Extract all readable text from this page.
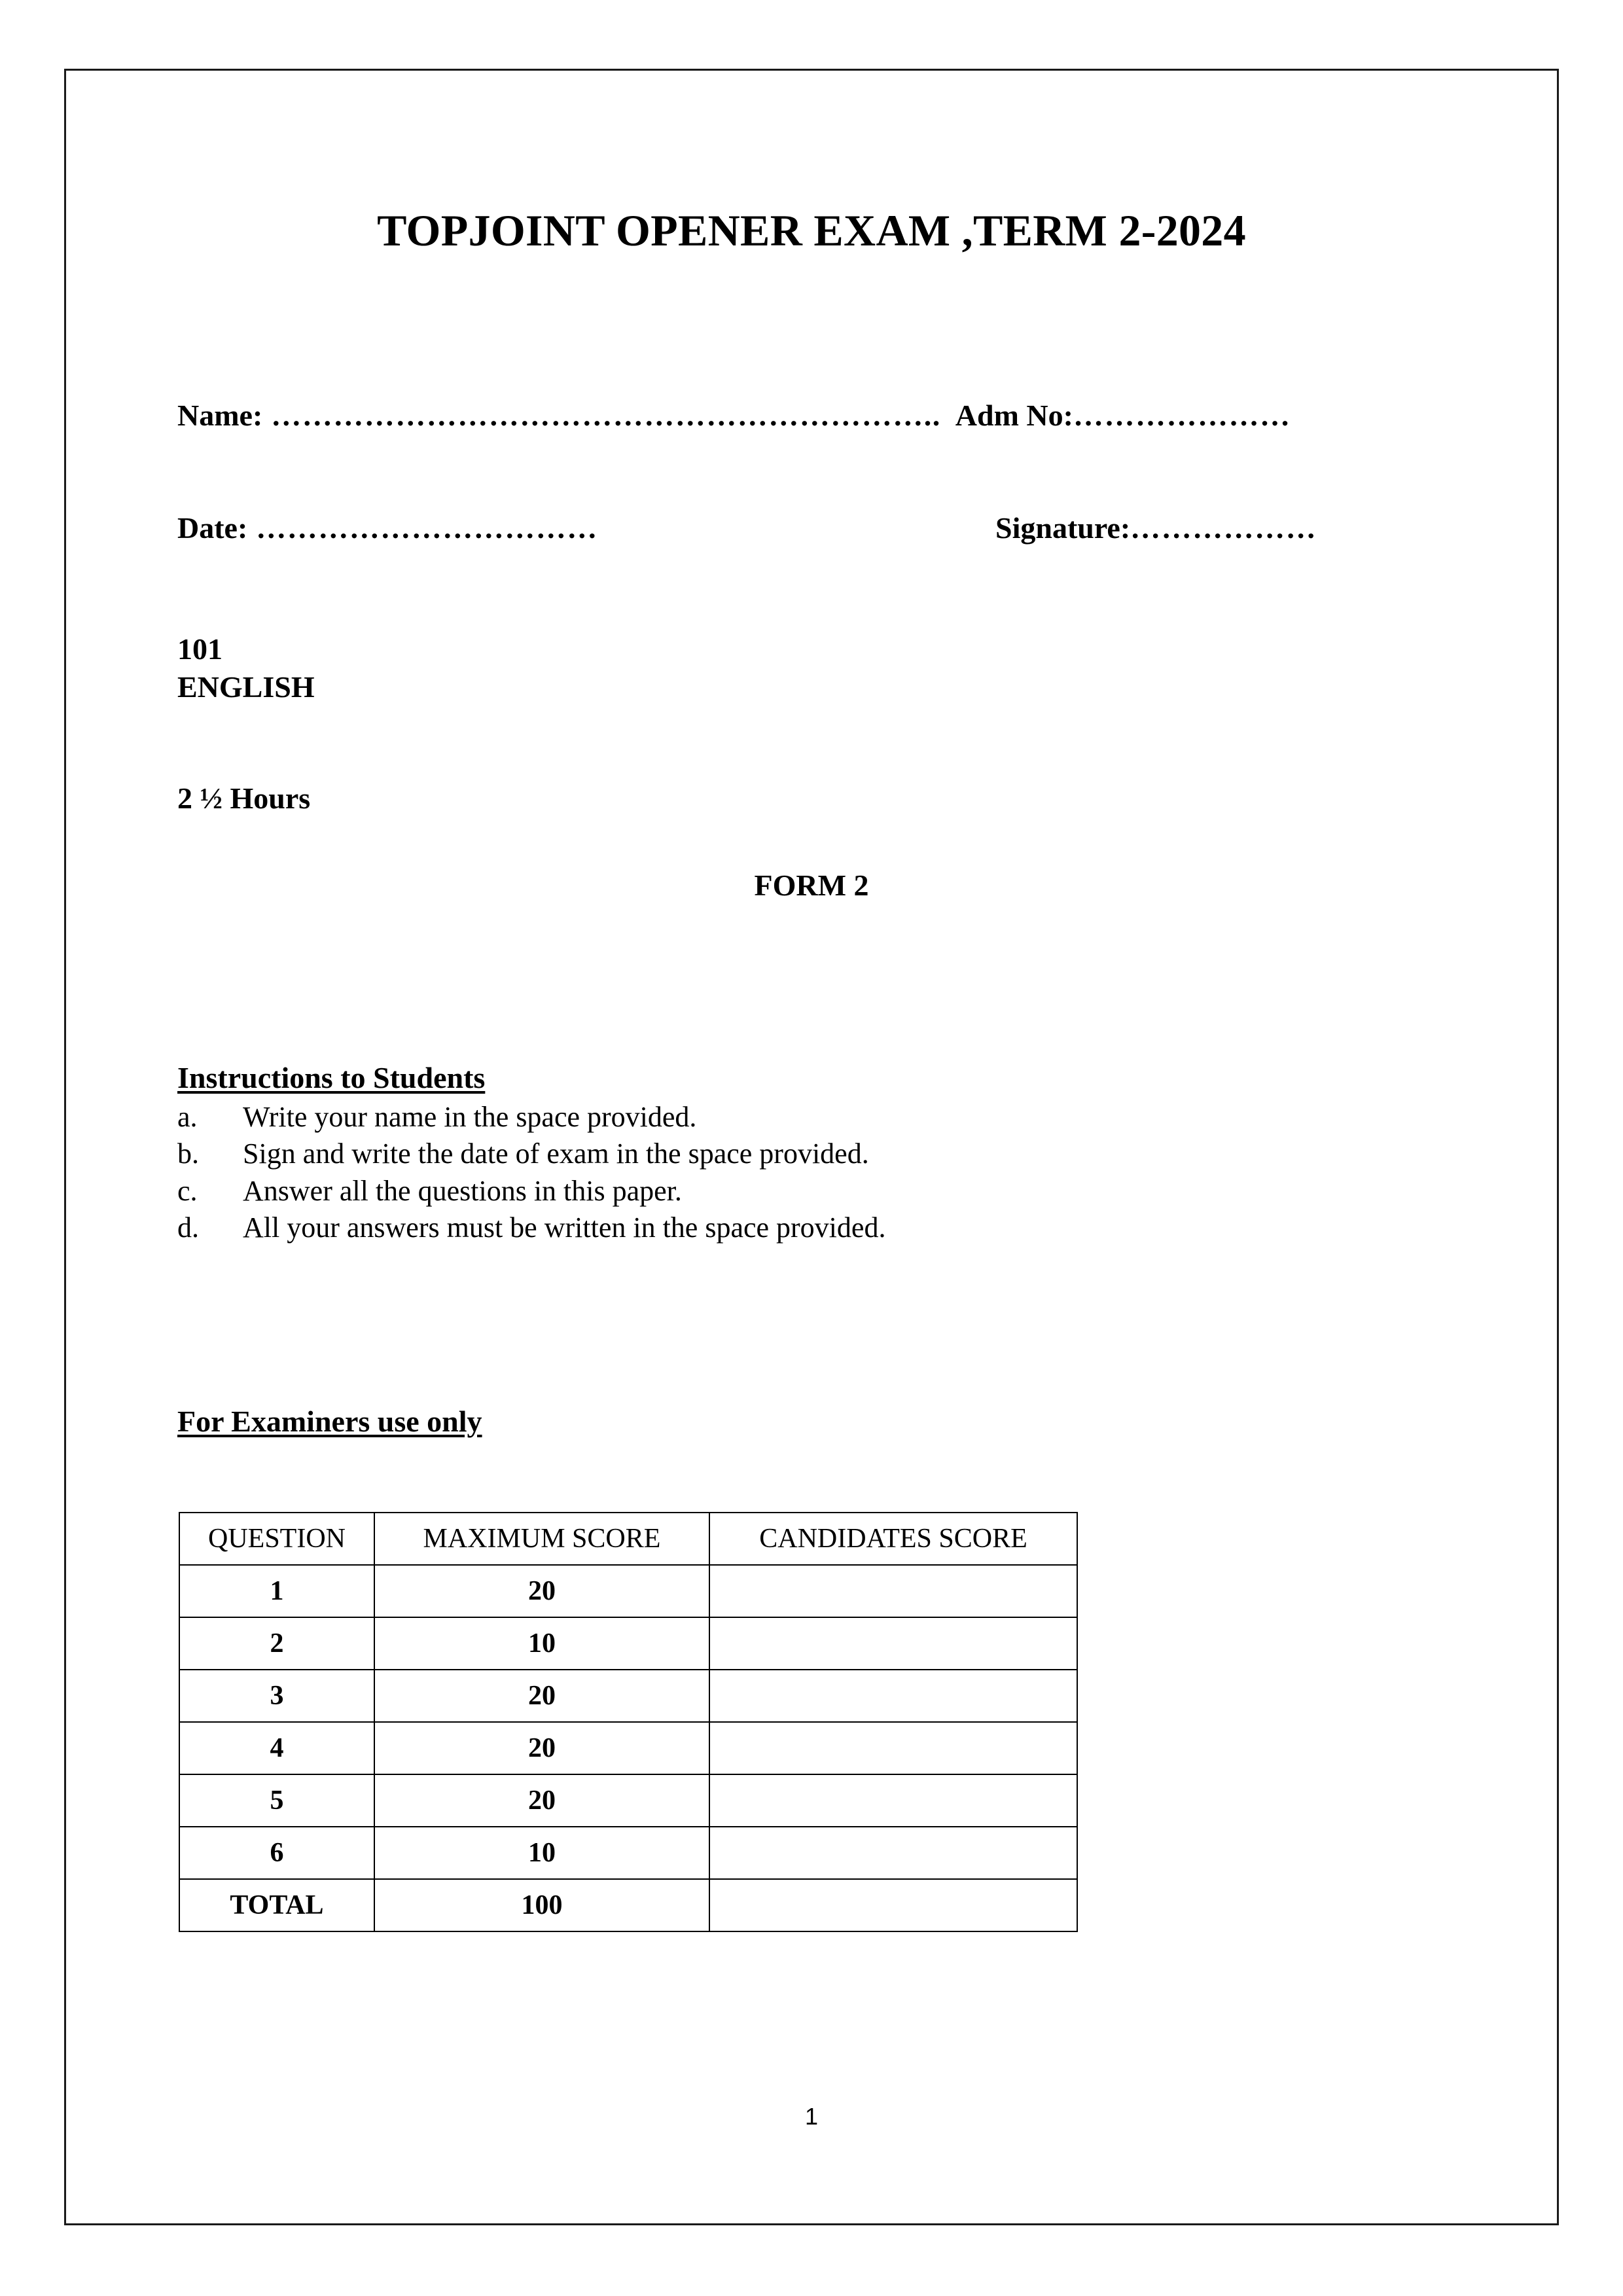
TOPJOINT OPENER EXAM ,TERM 2-2024
Name: ……………………………………………………….. Adm No:…………………
Date: ……………………………	Signature:………………
101
ENGLISH
2 ½ Hours
FORM 2
Instructions to Students
a. Write your name in the space provided.
b. Sign and write the date of exam in the space provided.
c. Answer all the questions in this paper.
d. All your answers must be written in the space provided.
For Examiners use only
QUESTION	MAXIMUM SCORE	CANDIDATES SCORE
1	20	
2	10	
3	20	
4	20	
5	20	
6	10	
TOTAL	100	
1
